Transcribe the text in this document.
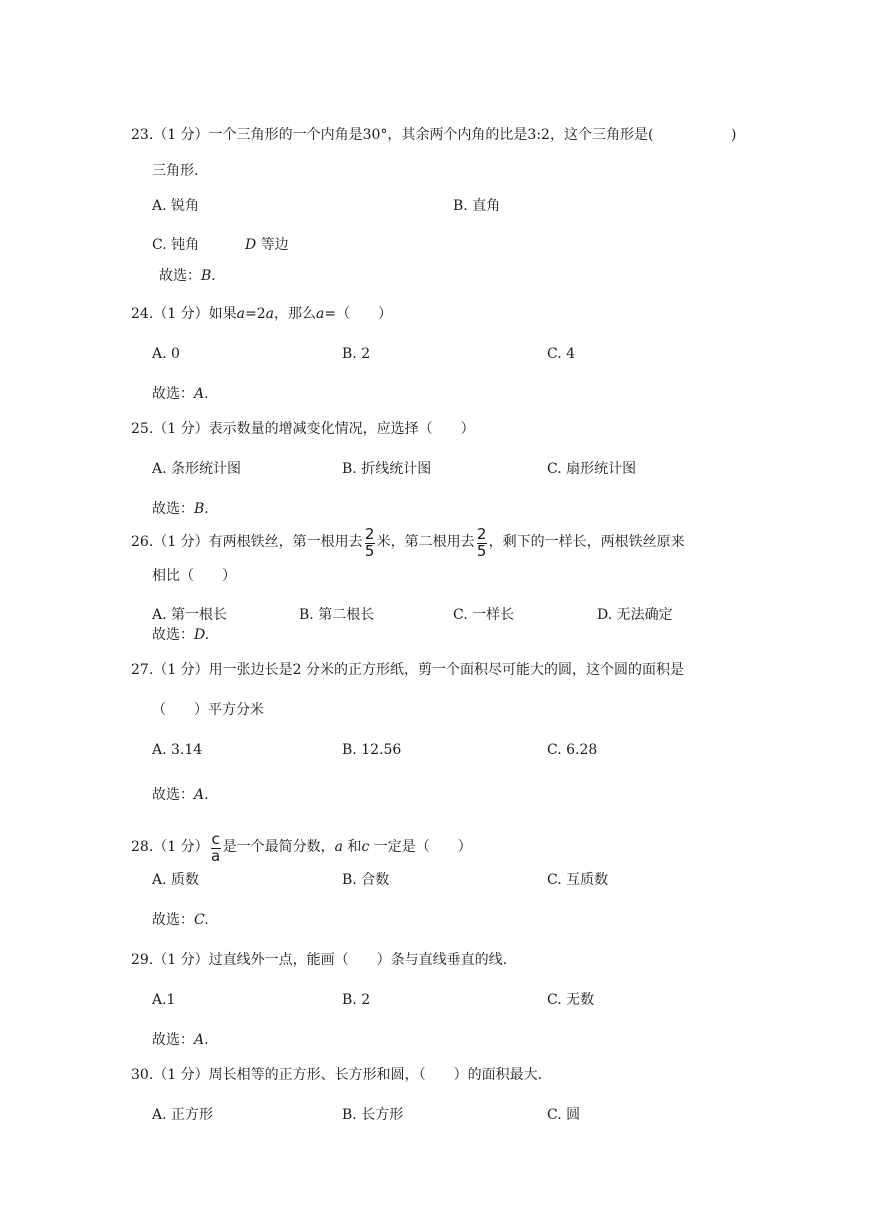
23.（1 分）一个三角形的一个内角是30°，其余两个内角的比是3:2，这个三角形是(	)
三角形.
A. 锐角	B. 直角
C. 钝角	D 等边
故选：B.
24.（1 分）如果a=2a，那么a=（　　）
A. 0	B. 2	C. 4
故选：A.
25.（1 分）表示数量的增减变化情况，应选择（　　）
A. 条形统计图	B. 折线统计图	C. 扇形统计图
故选：B.
26.（1 分）有两根铁丝，第一根用去 $\frac{2}{5}$ 米，第二根用去 $\frac{2}{5}$ ，剩下的一样长，两根铁丝原来
相比（　　）
A. 第一根长	B. 第二根长	C. 一样长	D. 无法确定
故选：D.
27.（1 分）用一张边长是2 分米的正方形纸，剪一个面积尽可能大的圆，这个圆的面积是
（　　）平方分米
A. 3.14	B. 12.56	C. 6.28
故选：A.
28.（1 分） $\frac{c}{a}$ 是一个最简分数，a 和c 一定是（　　）
A. 质数	B. 合数	C. 互质数
故选：C.
29.（1 分）过直线外一点，能画（　　）条与直线垂直的线.
A.1	B. 2	C. 无数
故选：A.
30.（1 分）周长相等的正方形、长方形和圆，（　　）的面积最大.
A. 正方形	B. 长方形	C. 圆
